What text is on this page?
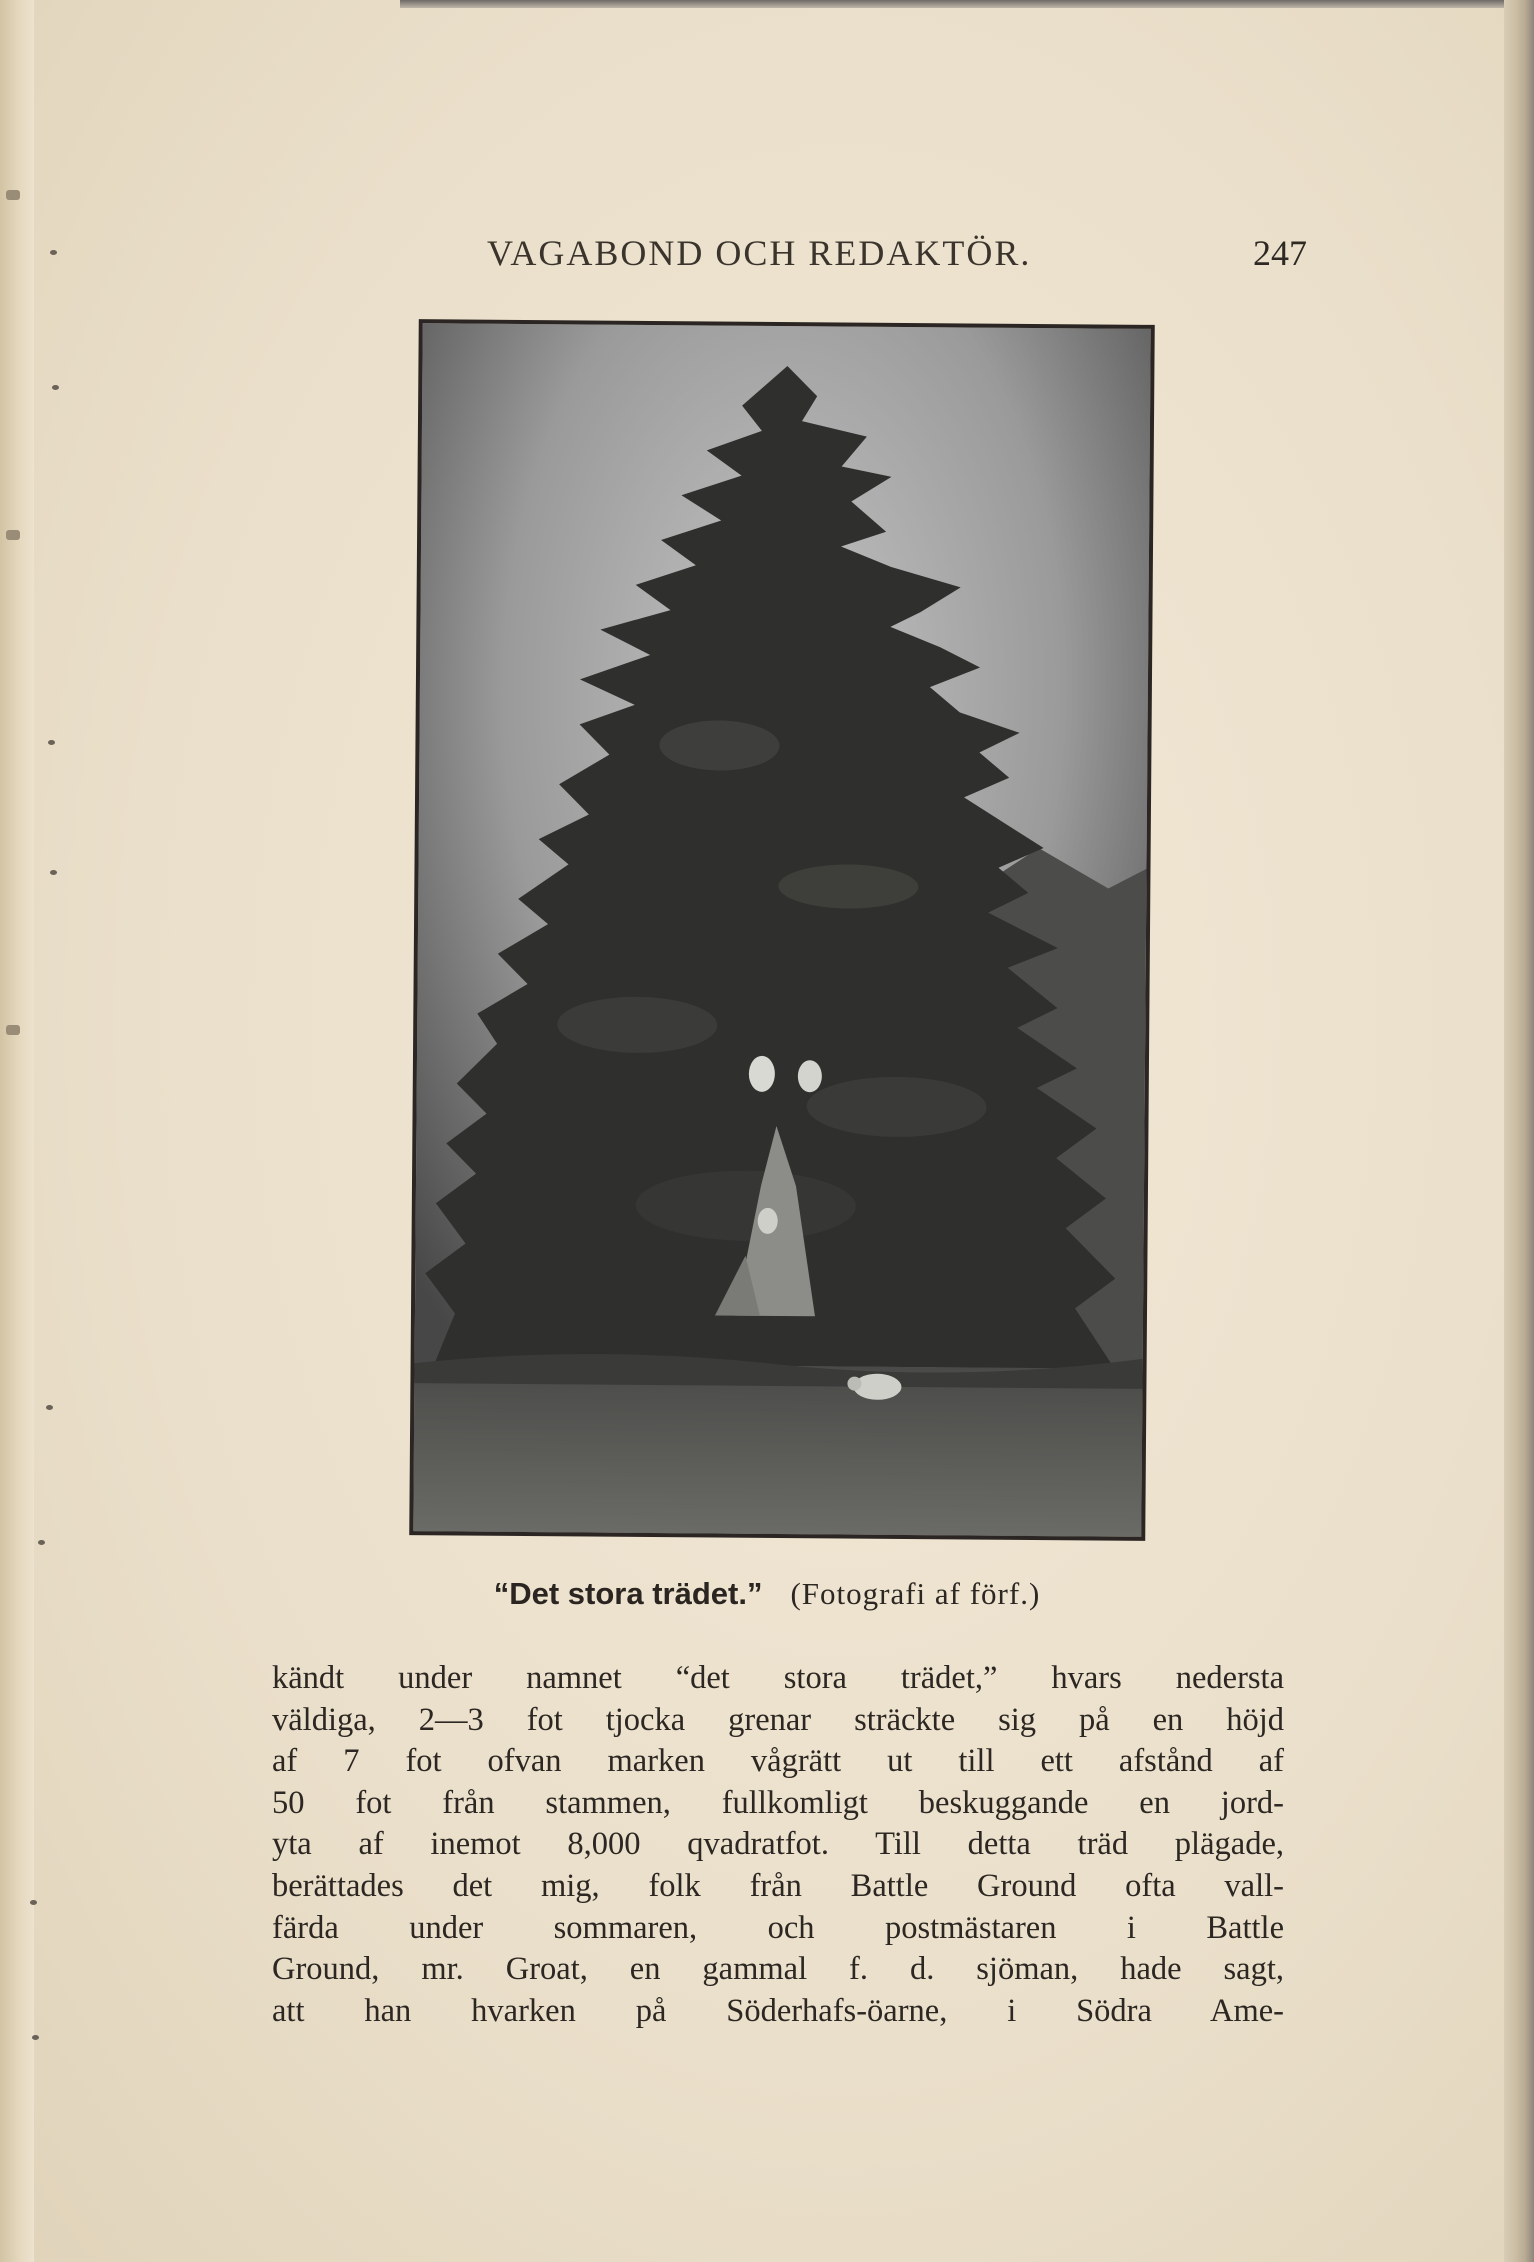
VAGABOND OCH REDAKTÖR.	247
“Det stora trädet.” (Fotografi af förf.)
kändt under namnet “det stora trädet,” hvars nedersta
väldiga, 2—3 fot tjocka grenar sträckte sig på en höjd
af 7 fot ofvan marken vågrätt ut till ett afstånd af
50 fot från stammen, fullkomligt beskuggande en jord-
yta af inemot 8,000 qvadratfot. Till detta träd plägade,
berättades det mig, folk från Battle Ground ofta vall-
färda under sommaren, och postmästaren i Battle
Ground, mr. Groat, en gammal f. d. sjöman, hade sagt,
att han hvarken på Söderhafs-öarne, i Södra Ame-
